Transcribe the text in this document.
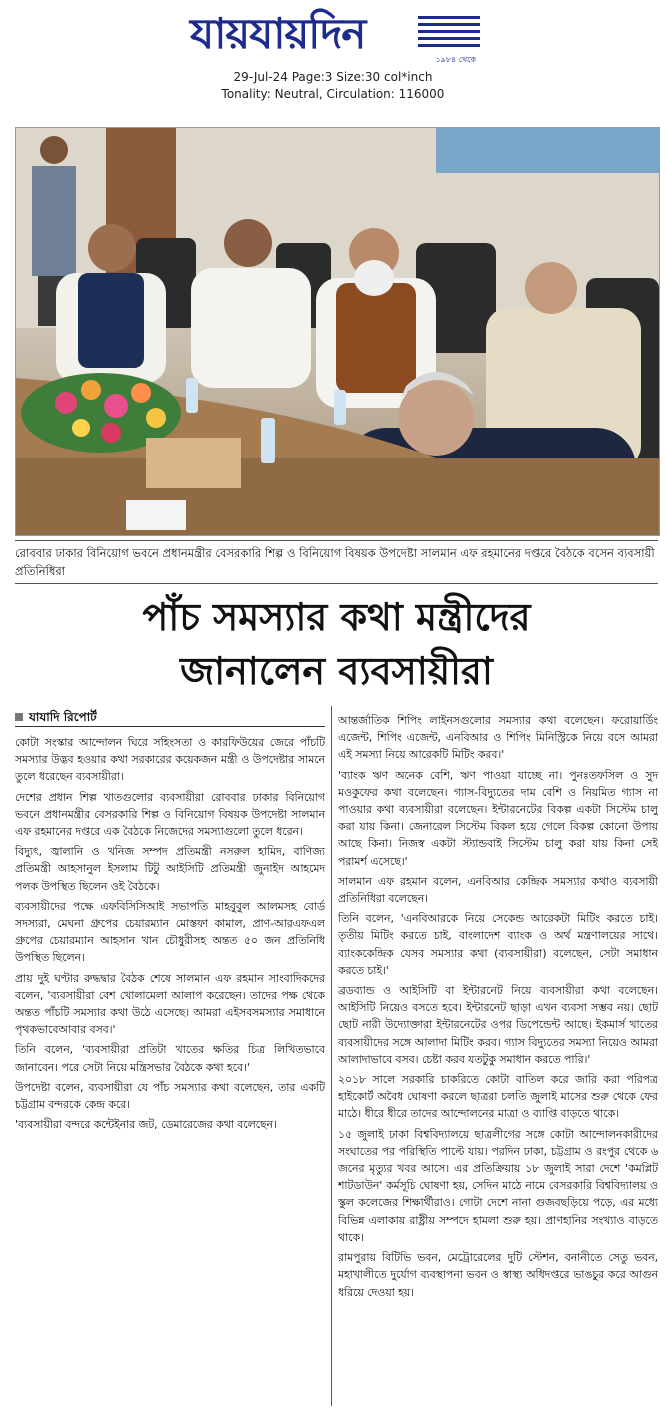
যায়যায়দিন
১৯৮৪ থেকে
29-Jul-24 Page:3 Size:30 col*inch
Tonality: Neutral, Circulation: 116000
রোববার ঢাকার বিনিয়োগ ভবনে প্রধানমন্ত্রীর বেসরকারি শিল্প ও বিনিয়োগ বিষয়ক উপদেষ্টা সালমান এফ রহমানের দপ্তরে বৈঠকে বসেন ব্যবসায়ী প্রতিনিধিরা
পাঁচ সমস্যার কথা মন্ত্রীদের
জানালেন ব্যবসায়ীরা
যাযাদি রিপোর্ট

কোটা সংস্কার আন্দোলন ঘিরে সহিংসতা ও কারফিউয়ের জেরে পাঁচটি সমস্যার উদ্ভব হওয়ার কথা সরকারের কয়েকজন মন্ত্রী ও উপদেষ্টার সামনে তুলে ধরেছেন ব্যবসায়ীরা।

দেশের প্রধান শিল্প খাতগুলোর ব্যবসায়ীরা রোববার ঢাকার বিনিয়োগ ভবনে প্রধানমন্ত্রীর বেসরকারি শিল্প ও বিনিয়োগ বিষয়ক উপদেষ্টা সালমান এফ রহমানের দপ্তরে এক বৈঠকে নিজেদের সমস্যাগুলো তুলে ধরেন।

বিদ্যুৎ, জ্বালানি ও খনিজ সম্পদ প্রতিমন্ত্রী নসরুল হামিদ, বাণিজ্য প্রতিমন্ত্রী আহসানুল ইসলাম টিটু আইসিটি প্রতিমন্ত্রী জুনাইদ আহমেদ পলক উপস্থিত ছিলেন ওই বৈঠকে।

ব্যবসায়ীদের পক্ষে এফবিসিসিআই সভাপতি মাহবুবুল আলমসহ বোর্ড সদস্যরা, মেঘনা গ্রুপের চেয়ারম্যান মোস্তফা কামাল, প্রাণ-আরএফএল গ্রুপের চেয়ারম্যান আহসান খান চৌধুরীসহ অন্তত ৫০ জন প্রতিনিধি উপস্থিত ছিলেন।

প্রায় দুই ঘণ্টার রুদ্ধদ্বার বৈঠক শেষে সালমান এফ রহমান সাংবাদিকদের বলেন, 'ব্যবসায়ীরা বেশ খোলামেলা আলাপ করেছেন। তাদের পক্ষ থেকে অন্তত পাঁচটি সমস্যার কথা উঠে এসেছে। আমরা এইসবসমস্যার সমাধানে পৃথকভাবেআবার বসব।'

তিনি বলেন, 'ব্যবসায়ীরা প্রতিটা খাতের ক্ষতির চিত্র লিখিতভাবে জানাবেন। পরে সেটা নিয়ে মন্ত্রিসভার বৈঠকে কথা হবে।'

উপদেষ্টা বলেন, ব্যবসায়ীরা যে পাঁচ সমস্যার কথা বলেছেন, তার একটি চট্টগ্রাম বন্দরকে কেন্দ্র করে।

'ব্যবসায়ীরা বন্দরে কন্টেইনার জট, ডেমারেজের কথা বলেছেন।

আন্তর্জাতিক শিপিং লাইনসগুলোর সমস্যার কথা বলেছেন। ফরোয়ার্ডিং এজেন্ট, শিপিং এজেন্ট, এনবিআর ও শিপিং মিনিস্ট্রিকে নিয়ে বসে আমরা এই সমস্যা নিয়ে আরেকটি মিটিং করব।'

'ব্যাংক ঋণ অনেক বেশি, ঋণ পাওয়া যাচ্ছে না। পুনঃতফসিল ও সুদ মওকুফের কথা বলেছেন। গ্যাস-বিদ্যুতের দাম বেশি ও নিয়মিত গ্যাস না পাওয়ার কথা ব্যবসায়ীরা বলেছেন। ইন্টারনেটের বিকল্প একটা সিস্টেম চালু করা যায় কিনা। জেনারেল সিস্টেম বিকল হয়ে গেলে বিকল্প কোনো উপায় আছে কিনা। নিজস্ব একটা স্ট্যান্ডবাই সিস্টেম চালু করা যায় কিনা সেই পরামর্শ এসেছে।'

সালমান এফ রহমান বলেন, এনবিআর কেন্দ্রিক সমস্যার কথাও ব্যবসায়ী প্রতিনিধিরা বলেছেন।

তিনি বলেন, 'এনবিআরকে নিয়ে সেকেন্ড আরেকটা মিটিং করতে চাই। তৃতীয় মিটিং করতে চাই, বাংলাদেশ ব্যাংক ও অর্থ মন্ত্রণালয়ের সাথে। ব্যাংককেন্দ্রিক যেসব সমস্যার কথা (ব্যবসায়ীরা) বলেছেন, সেটা সমাধান করতে চাই।'

ব্রডব্যান্ড ও আইসিটি বা ইন্টারনেট নিয়ে ব্যবসায়ীরা কথা বলেছেন। আইসিটি নিয়েও বসতে হবে। ইন্টারনেট ছাড়া এখন ব্যবসা সম্ভব নয়। ছোট ছোট নারী উদ্যোক্তারা ইন্টারনেটের ওপর ডিপেন্ডেন্ট আছে। ইকমার্স খাতের ব্যবসায়ীদের সঙ্গে আলাদা মিটিং করব। গ্যাস বিদ্যুতের সমস্যা নিয়েও আমরা আলাদাভাবে বসব। চেষ্টা করব যতটুকু সমাধান করতে পারি।'

২০১৮ সালে সরকারি চাকরিতে কোটা বাতিল করে জারি করা পরিপত্র হাইকোর্ট অবৈধ ঘোষণা করলে ছাত্ররা চলতি জুলাই মাসের শুরু থেকে ফের মাঠে। ধীরে ধীরে তাদের আন্দোলনের মাত্রা ও ব্যাপ্তি বাড়তে থাকে।

১৫ জুলাই ঢাকা বিশ্ববিদ্যালয়ে ছাত্রলীগের সঙ্গে কোটা আন্দোলনকারীদের সংঘাতের পর পরিস্থিতি পাল্টে যায়। পরদিন ঢাকা, চট্টগ্রাম ও রংপুর থেকে ৬ জনের মৃত্যুর খবর আসে। এর প্রতিক্রিয়ায় ১৮ জুলাই সারা দেশে 'কমপ্লিট শাটডাউন' কর্মসূচি ঘোষণা হয়, সেদিন মাঠে নামে বেসরকারি বিশ্ববিদ্যালয় ও স্কুল কলেজের শিক্ষার্থীরাও। গোটা দেশে নানা গুজবছড়িয়ে পড়ে, এর মধ্যে বিভিন্ন এলাকায় রাষ্ট্রীয় সম্পদে হামলা শুরু হয়। প্রাণহানির সংখ্যাও বাড়তে থাকে।

রামপুরায় বিটিভি ভবন, মেট্রোরেলের দুটি স্টেশন, বনানীতে সেতু ভবন, মহাখালীতে দুর্যোগ ব্যবস্থাপনা ভবন ও স্বাস্থ্য অধিদপ্তরে ভাঙচুর করে আগুন ধরিয়ে দেওয়া হয়।
